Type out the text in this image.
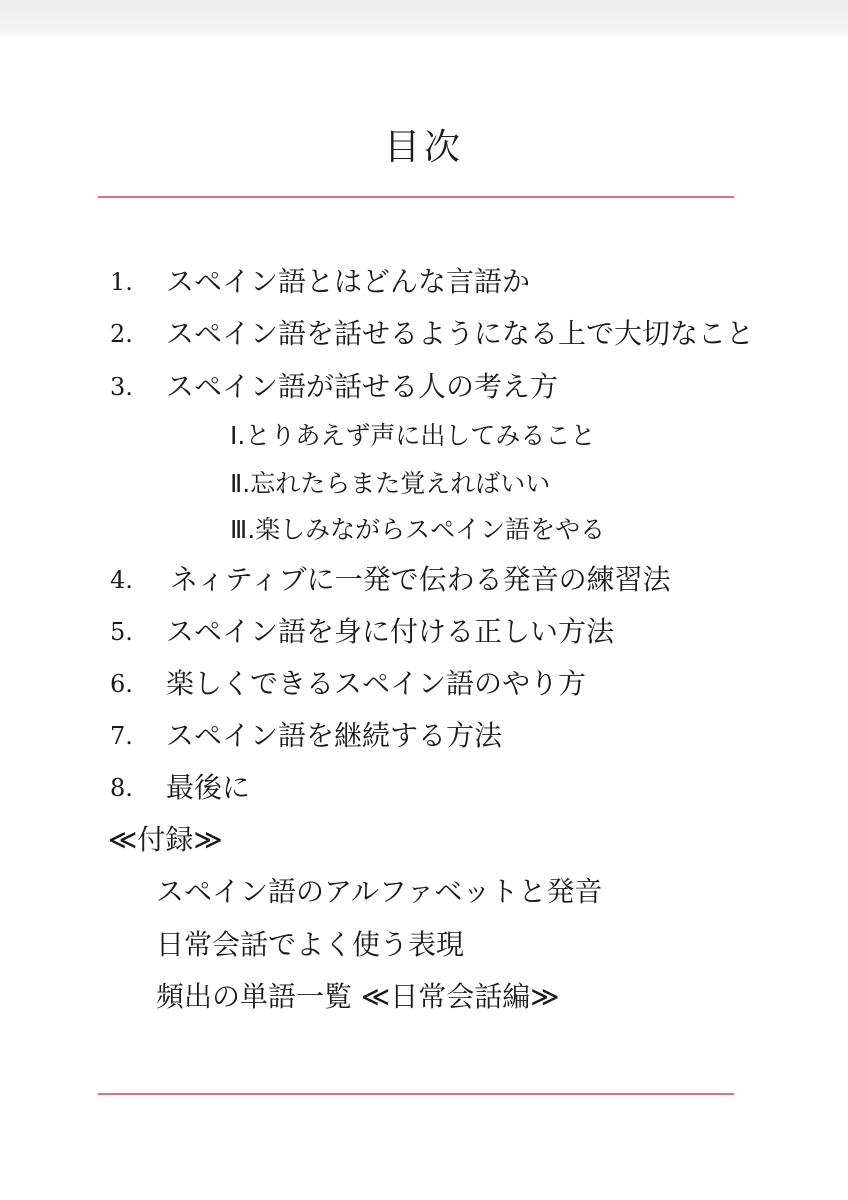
目次
1. スペイン語とはどんな言語か
2. スペイン語を話せるようになる上で大切なこと
3. スペイン語が話せる人の考え方
Ⅰ.とりあえず声に出してみること
Ⅱ.忘れたらまた覚えればいい
Ⅲ.楽しみながらスペイン語をやる
4. ネィティブに一発で伝わる発音の練習法
5. スペイン語を身に付ける正しい方法
6. 楽しくできるスペイン語のやり方
7. スペイン語を継続する方法
8. 最後に
≪付録≫
スペイン語のアルファベットと発音
日常会話でよく使う表現
頻出の単語一覧 ≪日常会話編≫
